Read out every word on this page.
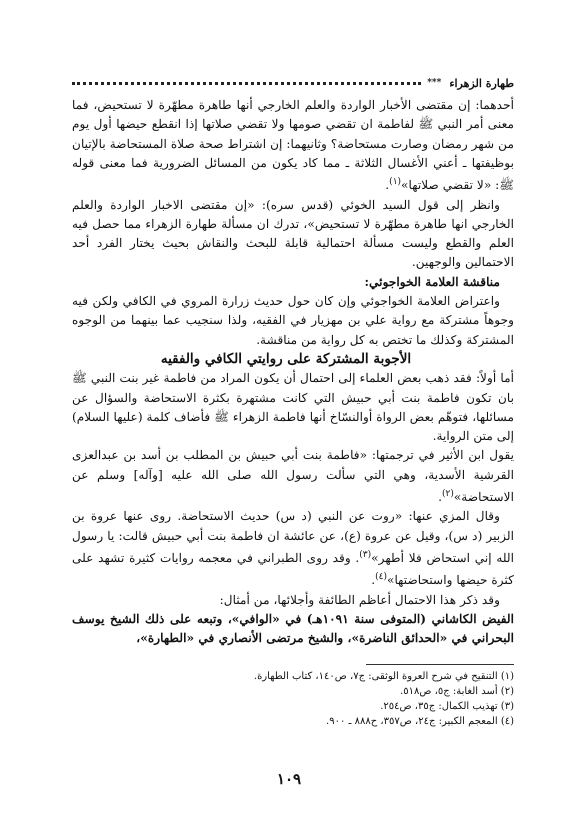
طهارة الزهراء
***

أحدهما: إن مقتضى الأخبار الواردة والعلم الخارجي أنها طاهرة مطهّرة لا تستحيض، فما معنى أمر النبي ﷺ لفاطمة ان تقضي صومها ولا تقضي صلاتها إذا انقطع حيضها أول يوم من شهر رمضان وصارت مستحاضة؟ وثانيهما: إن اشتراط صحة صلاة المستحاضة بالإتيان بوظيفتها ـ أعني الأغسال الثلاثة ـ مما كاد يكون من المسائل الضرورية فما معنى قوله ﷺ: «لا تقضي صلاتها»$^{(١)}$.

وانظر إلى قول السيد الخوئي (قدس سره): «إن مقتضى الاخبار الواردة والعلم الخارجي انها طاهرة مطهّرة لا تستحيض»، تدرك ان مسألة طهارة الزهراء مما حصل فيه العلم والقطع وليست مسألة احتمالية قابلة للبحث والنقاش بحيث يختار الفرد أحد الاحتمالين والوجهين.

مناقشة العلامة الخواجوئي:

واعتراض العلامة الخواجوئي وإن كان حول حديث زرارة المروي في الكافي ولكن فيه وجوهاً مشتركة مع رواية علي بن مهزيار في الفقيه، ولذا سنجيب عما بينهما من الوجوه المشتركة وكذلك ما تختص به كل رواية من مناقشة.

الأجوبة المشتركة على روايتي الكافي والفقيه

أما أولاً: فقد ذهب بعض العلماء إلى احتمال أن يكون المراد من فاطمة غير بنت النبي ﷺ بان تكون فاطمة بنت أبي حبيش التي كانت مشتهرة بكثرة الاستحاضة والسؤال عن مسائلها، فتوهّم بعض الرواة أوالنسّاخ أنها فاطمة الزهراء ﷺ فأضاف كلمة (عليها السلام) إلى متن الرواية.

يقول ابن الأثير في ترجمتها: «فاطمة بنت أبي حبيش بن المطلب بن أسد بن عبدالعزى القرشية الأسدية، وهي التي سألت رسول الله صلى الله عليه [وآله] وسلم عن الاستحاضة»$^{(٢)}$.

وقال المزي عنها: «روت عن النبي (د س) حديث الاستحاضة. روى عنها عروة بن الزبير (د س)، وقيل عن عروة (ع)، عن عائشة ان فاطمة بنت أبي حبيش قالت: يا رسول الله إني استحاض فلا أطهر»$^{(٣)}$. وقد روى الطبراني في معجمه روايات كثيرة تشهد على كثرة حيضها واستحاضتها»$^{(٤)}$.

وقد ذكر هذا الاحتمال أعاظم الطائفة وأجلائها، من أمثال:

الفيض الكاشاني (المتوفى سنة ١٠٩١هـ) في «الوافي»، وتبعه على ذلك الشيخ يوسف البحراني في «الحدائق الناضرة»، والشيخ مرتضى الأنصاري في «الطهارة»،

(١) التنقيح في شرح العروة الوثقى: ج٧، ص١٤٠، كتاب الطهارة.
(٢) أسد الغابة: ج٥، ص٥١٨.
(٣) تهذيب الكمال: ج٣٥، ص٢٥٤.
(٤) المعجم الكبير: ج٢٤، ص٣٥٧، ح٨٨٨ ـ ٩٠٠.
١٠٩
